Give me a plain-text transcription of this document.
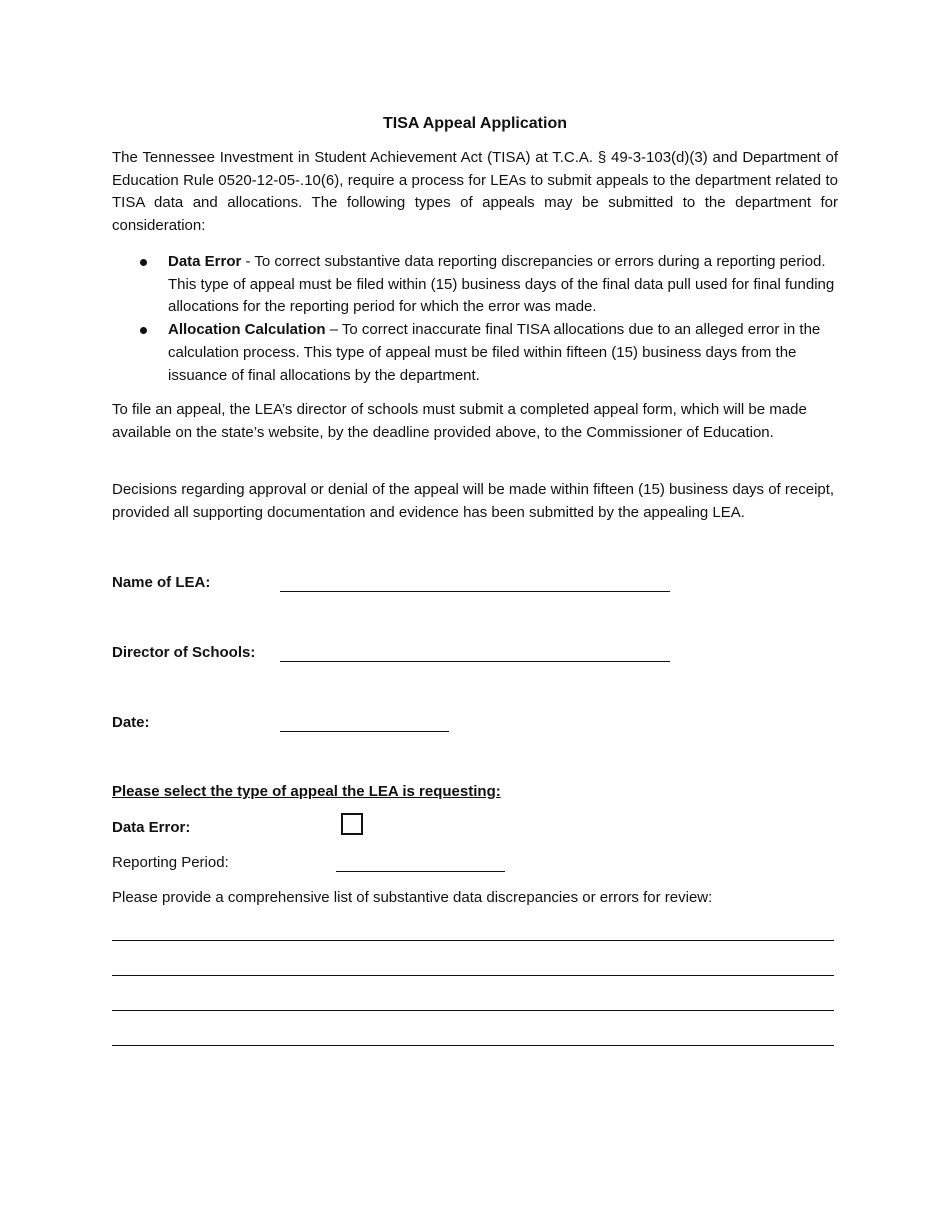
TISA Appeal Application

The Tennessee Investment in Student Achievement Act (TISA) at T.C.A. § 49-3-103(d)(3) and Department of Education Rule 0520-12-05-.10(6), require a process for LEAs to submit appeals to the department related to TISA data and allocations. The following types of appeals may be submitted to the department for consideration:

Data Error - To correct substantive data reporting discrepancies or errors during a reporting period. This type of appeal must be filed within (15) business days of the final data pull used for final funding allocations for the reporting period for which the error was made.
Allocation Calculation – To correct inaccurate final TISA allocations due to an alleged error in the calculation process. This type of appeal must be filed within fifteen (15) business days from the issuance of final allocations by the department.

To file an appeal, the LEA’s director of schools must submit a completed appeal form, which will be made available on the state’s website, by the deadline provided above, to the Commissioner of Education.

Decisions regarding approval or denial of the appeal will be made within fifteen (15) business days of receipt, provided all supporting documentation and evidence has been submitted by the appealing LEA.

Name of LEA:
Director of Schools:
Date:
Please select the type of appeal the LEA is requesting:
Data Error:
Reporting Period:
Please provide a comprehensive list of substantive data discrepancies or errors for review:
